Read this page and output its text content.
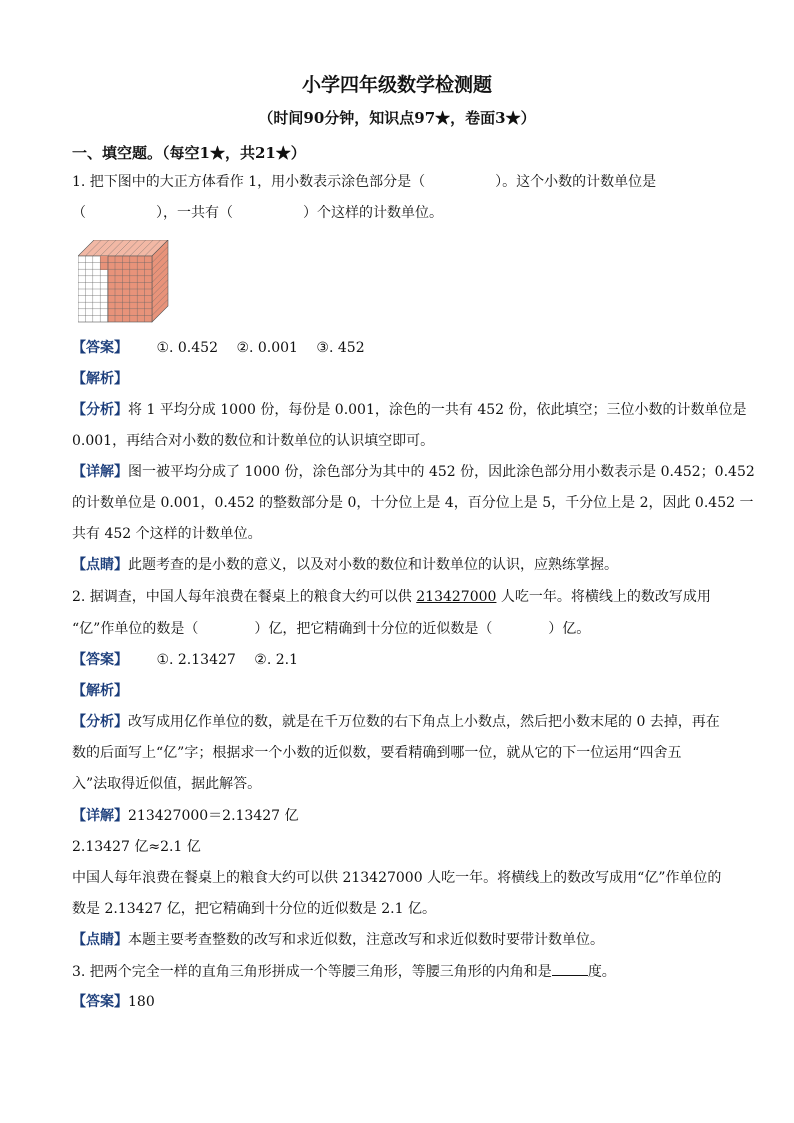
小学四年级数学检测题
（时间90分钟，知识点97★，卷面3★）
一、填空题。（每空1★，共21★）
1. 把下图中的大正方体看作 1，用小数表示涂色部分是（　　　　　）。这个小数的计数单位是
（　　　　　），一共有（　　　　　）个这样的计数单位。
【答案】 ①. 0.452 ②. 0.001 ③. 452
【解析】
【分析】将 1 平均分成 1000 份，每份是 0.001，涂色的一共有 452 份，依此填空；三位小数的计数单位是
0.001，再结合对小数的数位和计数单位的认识填空即可。
【详解】图一被平均分成了 1000 份，涂色部分为其中的 452 份，因此涂色部分用小数表示是 0.452；0.452
的计数单位是 0.001，0.452 的整数部分是 0，十分位上是 4，百分位上是 5，千分位上是 2，因此 0.452 一
共有 452 个这样的计数单位。
【点睛】此题考查的是小数的意义，以及对小数的数位和计数单位的认识，应熟练掌握。
2. 据调查，中国人每年浪费在餐桌上的粮食大约可以供 213427000 人吃一年。将横线上的数改写成用
“亿”作单位的数是（　　　　）亿，把它精确到十分位的近似数是（　　　　）亿。
【答案】 ①. 2.13427 ②. 2.1
【解析】
【分析】改写成用亿作单位的数，就是在千万位数的右下角点上小数点，然后把小数末尾的 0 去掉，再在
数的后面写上“亿”字；根据求一个小数的近似数，要看精确到哪一位，就从它的下一位运用“四舍五
入”法取得近似值，据此解答。
【详解】213427000＝2.13427 亿
2.13427 亿≈2.1 亿
中国人每年浪费在餐桌上的粮食大约可以供 213427000 人吃一年。将横线上的数改写成用“亿”作单位的
数是 2.13427 亿，把它精确到十分位的近似数是 2.1 亿。
【点睛】本题主要考查整数的改写和求近似数，注意改写和求近似数时要带计数单位。
3. 把两个完全一样的直角三角形拼成一个等腰三角形，等腰三角形的内角和是	度。
【答案】180
